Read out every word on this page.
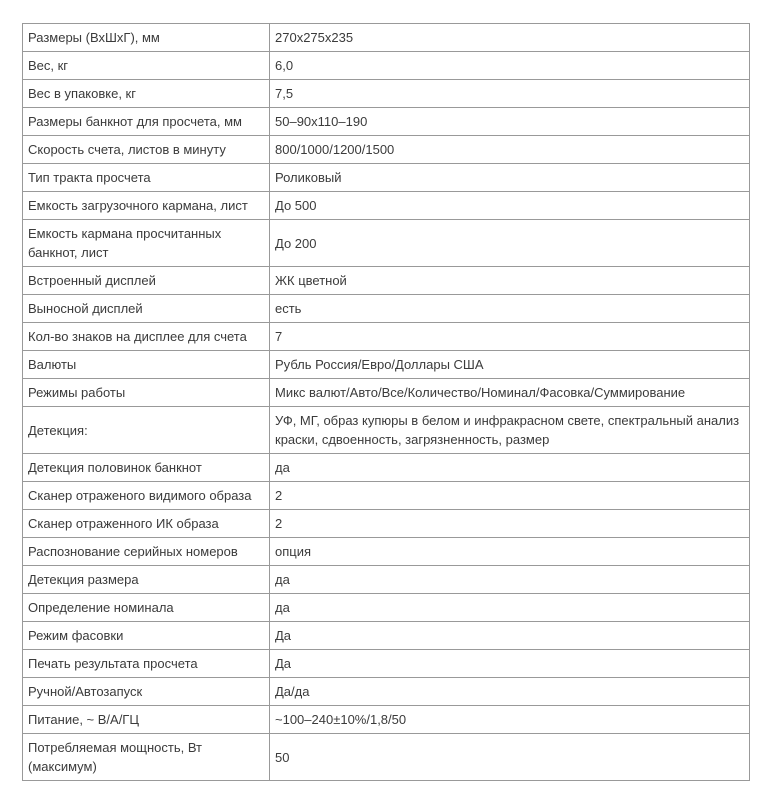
Размеры (ВхШхГ), мм	270х275х235
Вес, кг	6,0
Вес в упаковке, кг	7,5
Размеры банкнот для просчета, мм	50–90х110–190
Скорость счета, листов в минуту	800/1000/1200/1500
Тип тракта просчета	Роликовый
Емкость загрузочного кармана, лист	До 500
Емкость кармана просчитанных банкнот, лист	До 200
Встроенный дисплей	ЖК цветной
Выносной дисплей	есть
Кол-во знаков на дисплее для счета	7
Валюты	Рубль Россия/Евро/Доллары США
Режимы работы	Микс валют/Авто/Все/Количество/Номинал/Фасовка/Суммирование
Детекция:	УФ, МГ, образ купюры в белом и инфракрасном свете, спектральный анализ краски, сдвоенность, загрязненность, размер
Детекция половинок банкнот	да
Сканер отраженого видимого образа	2
Сканер отраженного ИК образа	2
Распознование серийных номеров	опция
Детекция размера	да
Определение номинала	да
Режим фасовки	Да
Печать результата просчета	Да
Ручной/Автозапуск	Да/да
Питание, ~ В/А/ГЦ	~100–240±10%/1,8/50
Потребляемая мощность, Вт (максимум)	50
